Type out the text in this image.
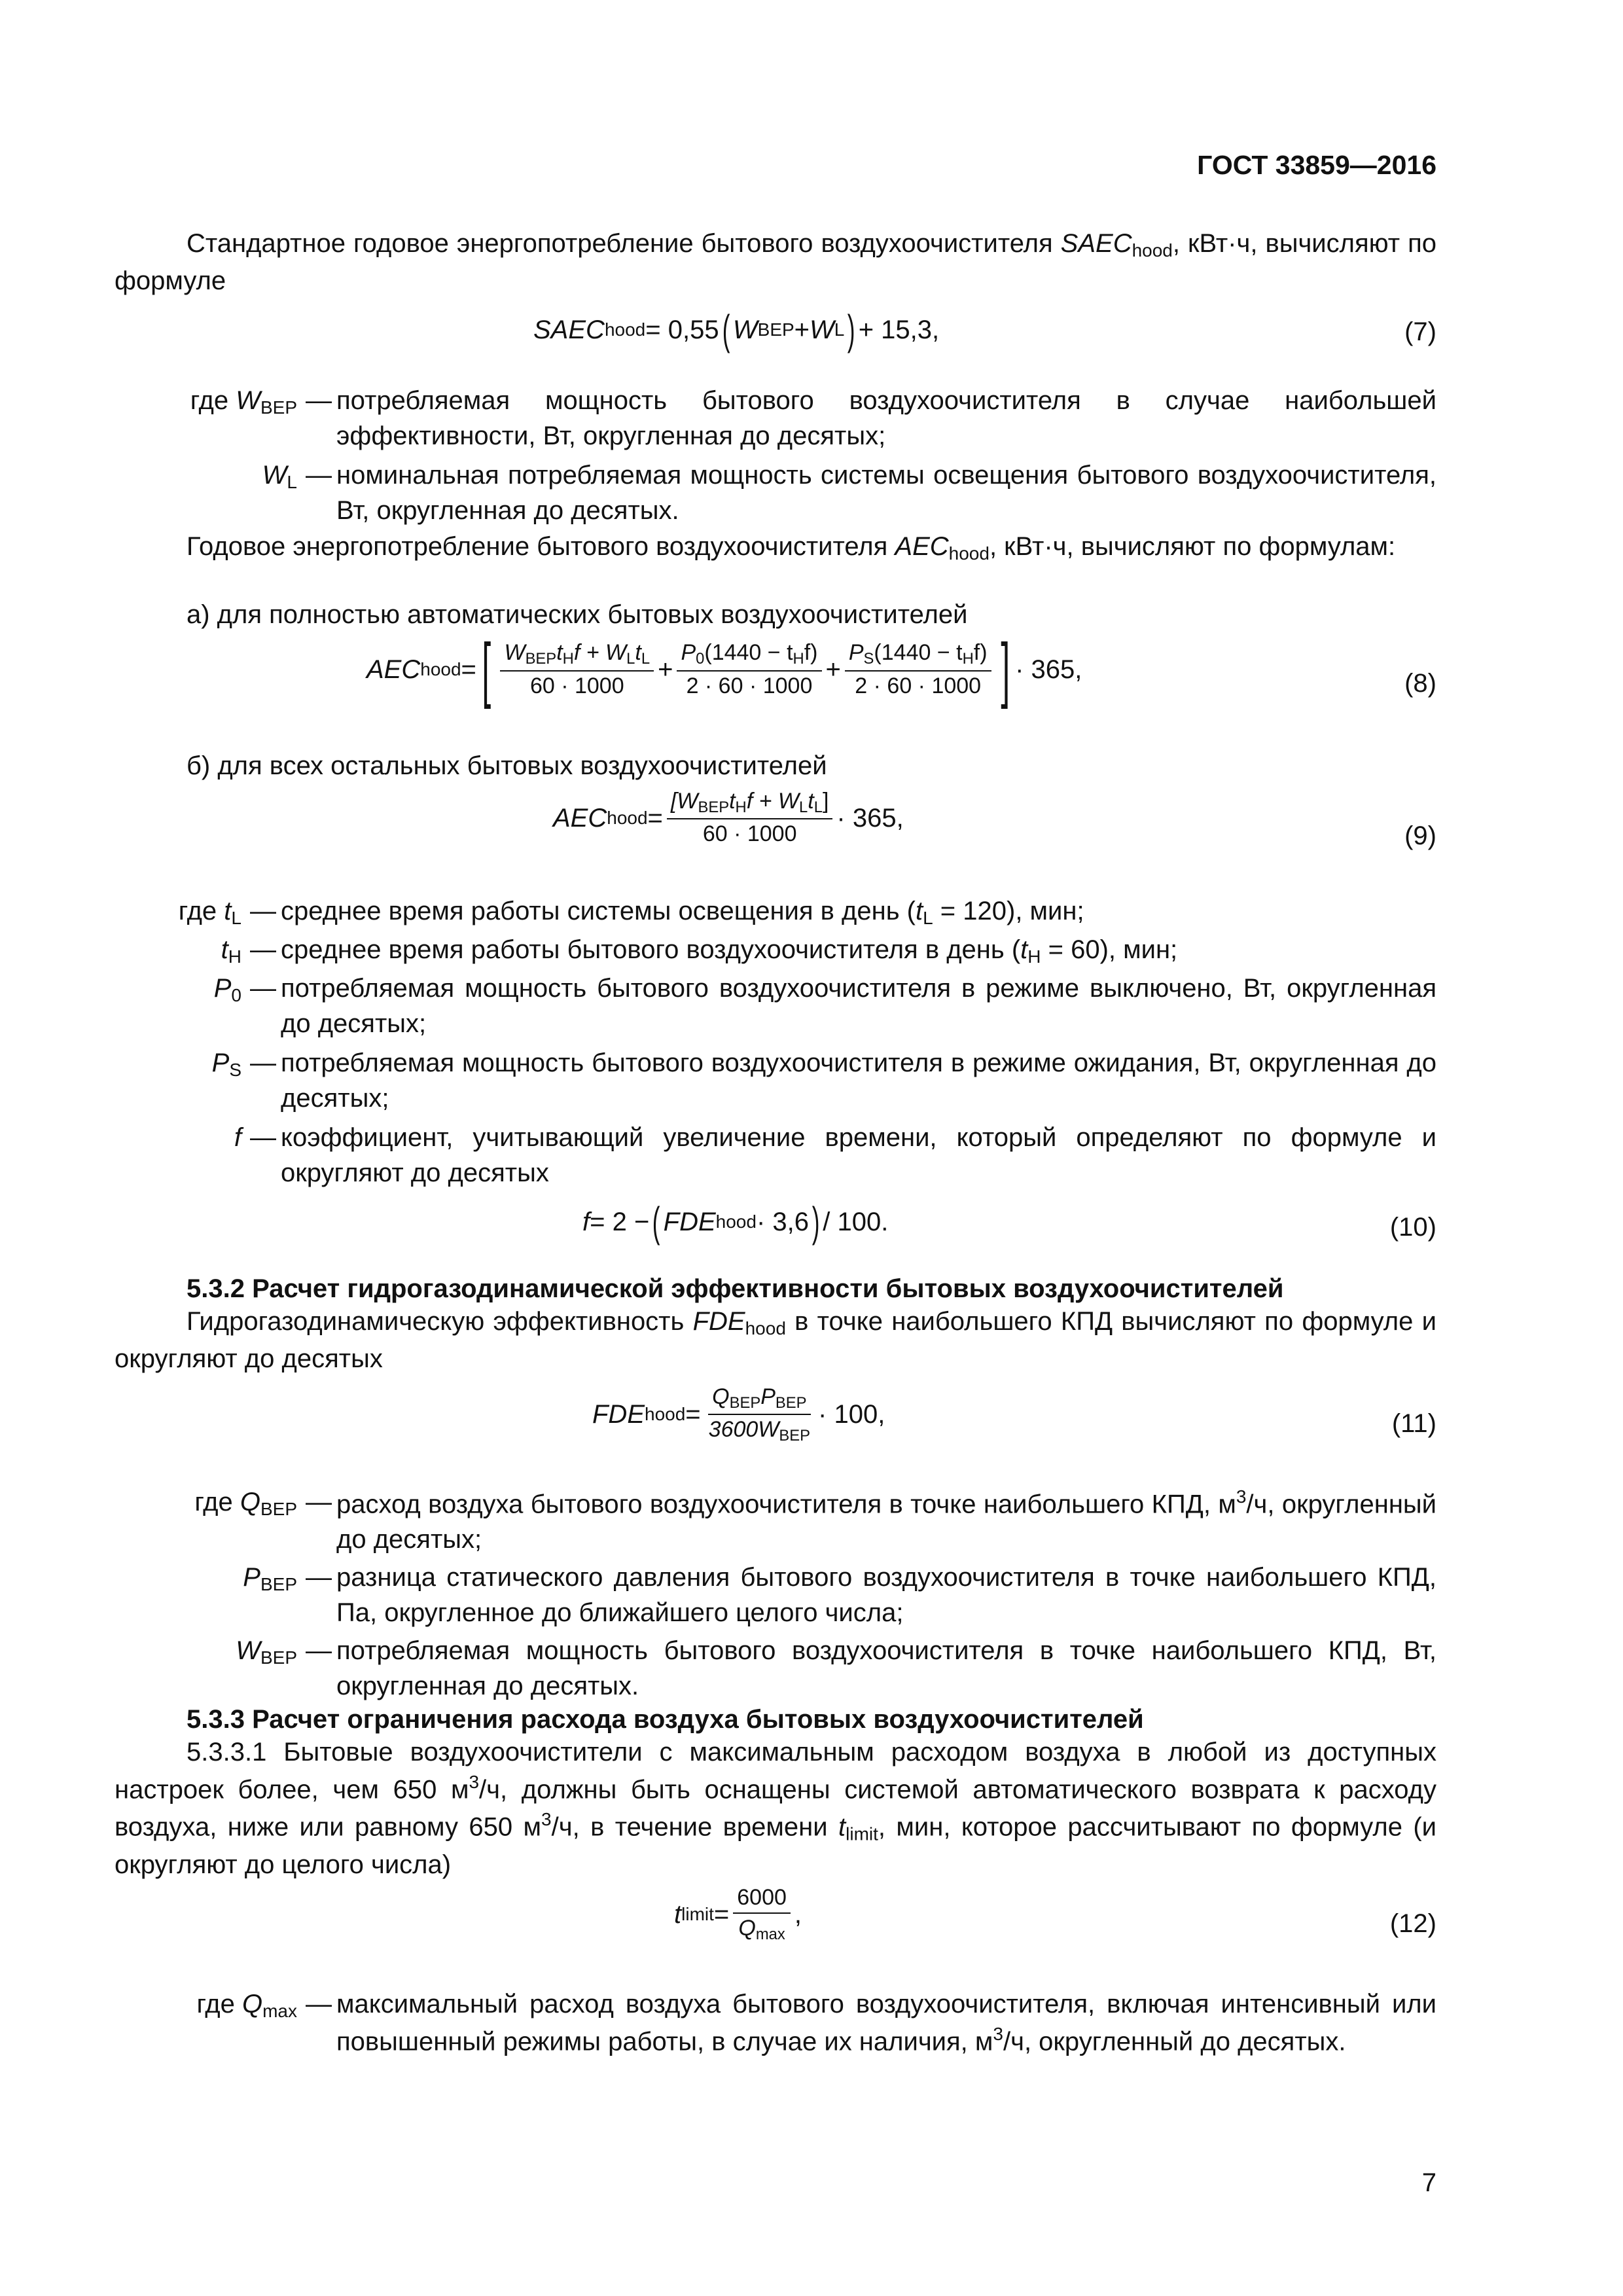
ГОСТ 33859—2016
Стандартное годовое энергопотребление бытового воздухоочистителя $SAEC_{hood}$, кВт·ч, вычисляют по формуле
SAEC hood = 0,55 ( W BEP + W L ) + 15,3,	(7)
где $W_{BEP}$ — потребляемая мощность бытового воздухоочистителя в случае наибольшей эффективности, Вт, округленная до десятых;
$W_L$ — номинальная потребляемая мощность системы освещения бытового воздухоочистителя, Вт, округленная до десятых.
Годовое энергопотребление бытового воздухоочистителя $AEC_{hood}$, кВт·ч, вычисляют по формулам:
а) для полностью автоматических бытовых воздухоочистителей
AEC hood = [ $\frac{W_{BEP}t_Hf + W_Lt_L}{60 \cdot 1000} + \frac{P_0(1440 - t_Hf)}{2 \cdot 60 \cdot 1000} + \frac{P_S(1440 - t_Hf)}{2 \cdot 60 \cdot 1000}$ ] · 365,	(8)
б) для всех остальных бытовых воздухоочистителей
AEC hood = $\frac{[W_{BEP}t_Hf + W_Lt_L]}{60 \cdot 1000} \cdot 365$,
(9)
где $t_L$ — среднее время работы системы освещения в день $(t_L = 120)$, мин;
$t_H$ — среднее время работы бытового воздухоочистителя в день $(t_H = 60)$, мин;
$P_0$ — потребляемая мощность бытового воздухоочистителя в режиме выключено, Вт, округленная до десятых;
$P_S$ — потребляемая мощность бытового воздухоочистителя в режиме ожидания, Вт, округленная до десятых;
f — коэффициент, учитывающий увеличение времени, который определяют по формуле и округляют до десятых
f = 2 − ( FDE hood · 3,6 ) / 100.	(10)
5.3.2 Расчет гидрогазодинамической эффективности бытовых воздухоочистителей
Гидрогазодинамическую эффективность $FDE_{hood}$ в точке наибольшего КПД вычисляют по формуле и округляют до десятых
FDE hood = $\frac{Q_{BEP}P_{BEP}}{3600W_{BEP}} \cdot 100$,	(11)
где $Q_{BEP}$ — расход воздуха бытового воздухоочистителя в точке наибольшего КПД, $м^3/ч$, округленный до десятых;
$P_{BEP}$ — разница статического давления бытового воздухоочистителя в точке наибольшего КПД, Па, округленное до ближайшего целого числа;
$W_{BEP}$ — потребляемая мощность бытового воздухоочистителя в точке наибольшего КПД, Вт, округленная до десятых.
5.3.3 Расчет ограничения расхода воздуха бытовых воздухоочистителей
5.3.3.1 Бытовые воздухоочистители с максимальным расходом воздуха в любой из доступных настроек более, чем 650 $м^3/ч$, должны быть оснащены системой автоматического возврата к расходу воздуха, ниже или равному 650 $м^3/ч$, в течение времени $t_{limit}$, мин, которое рассчитывают по формуле (и округляют до целого числа)
t limit = $\frac{6000}{Q_{max}}$ ,	(12)
где $Q_{max}$ — максимальный расход воздуха бытового воздухоочистителя, включая интенсивный или повышенный режимы работы, в случае их наличия, $м^3/ч$, округленный до десятых.
7
